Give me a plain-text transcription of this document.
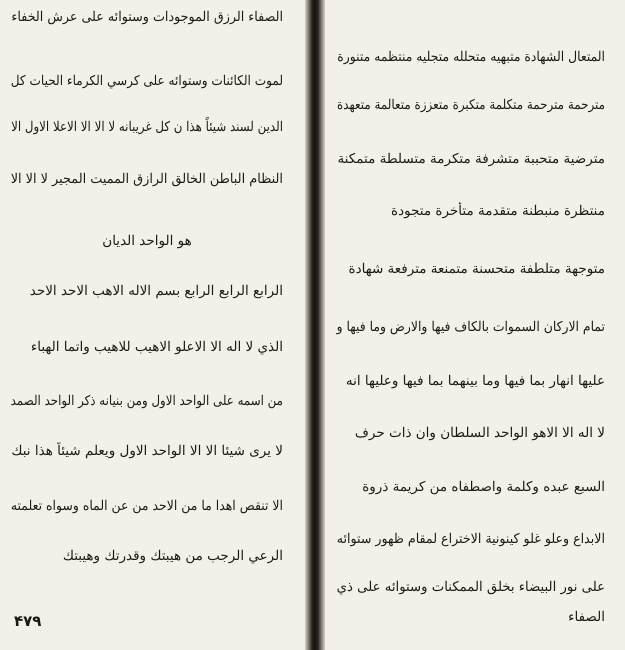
الصفاء الرزق الموجودات وستوائه على عرش الخفاء
لموت الكائنات وستوائه على كرسي الكرماء الحيات كل
الدين لسند شيئاً هذا ن كل غريبانه لا الا الا الاعلا الاول الا
النظام الباطن الخالق الرازق المميت المجير لا الا الا
هو الواحد الديان
الرابع الرابع الرابع بسم الاله الاهب الاحد الاحد
الذي لا اله الا الاعلو الاهيب للاهيب واتما الهباء
من اسمه على الواحد الاول ومن بنيانه ذكر الواحد الصمد
لا يرى شيئا الا الا الواحد الاول ويعلم شيئاً هذا نبك
الا تنقص اهدا ما من الاحد من عن الماه وسواه تعلمته
الرعي الرجب من هيبتك وقدرتك وهيبتك
۴۷۹
المتعال الشهادة متبهيه متحلله متجليه منتظمه متنورة
مترحمة مترحمة متكلمة متكبرة متعززة متعالمة متعهدة
مترضية متحببة متشرفة متكرمة متسلطة متمكنة
منتظرة منبطنة متقدمة متأخرة متجودة
متوجهة متلطفة متحسنة متمنعة مترفعة شهادة
تمام الاركان السموات بالكاف فيها والارض وما فيها و
عليها انهار بما فيها وما بينهما بما فيها وعليها انه
لا اله الا الاهو الواحد السلطان وان ذات حرف
السبع عبده وكلمة واصطفاه من كريمة ذروة
الابداع وعلو غلو كينونية الاختراع لمقام ظهور ستوائه
على نور البيضاء بخلق الممكنات وستوائه على ذي
الصفاء
